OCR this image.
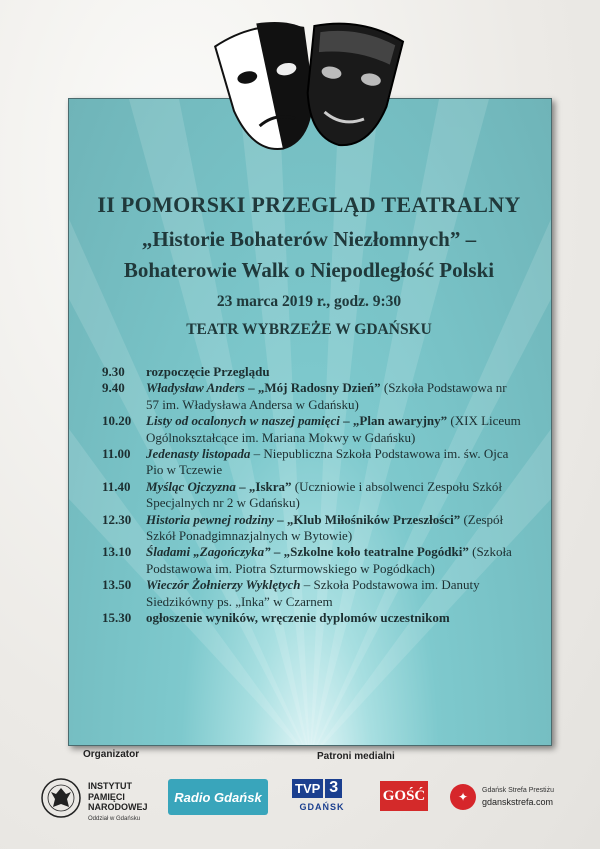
II POMORSKI PRZEGLĄD TEATRALNY
„Historie Bohaterów Niezłomnych” –
Bohaterowie Walk o Niepodległość Polski
23 marca 2019 r., godz. 9:30
TEATR WYBRZEŻE W GDAŃSKU
9.30	rozpoczęcie Przeglądu
9.40	Władysław Anders – „Mój Radosny Dzień” (Szkoła Podstawowa nr 57 im. Władysława Andersa w Gdańsku)
10.20	Listy od ocalonych w naszej pamięci – „Plan awaryjny” (XIX Liceum Ogólnokształcące im. Mariana Mokwy w Gdańsku)
11.00	Jedenasty listopada – Niepubliczna Szkoła Podstawowa im. św. Ojca Pio w Tczewie
11.40	Myśląc Ojczyzna – „Iskra” (Uczniowie i absolwenci Zespołu Szkół Specjalnych nr 2 w Gdańsku)
12.30	Historia pewnej rodziny – „Klub Miłośników Przeszłości” (Zespół Szkół Ponadgimnazjalnych w Bytowie)
13.10	Śladami „Zagończyka” – „Szkolne koło teatralne Pogódki” (Szkoła Podstawowa im. Piotra Szturmowskiego w Pogódkach)
13.50	Wieczór Żołnierzy Wyklętych – Szkoła Podstawowa im. Danuty Siedzikówny ps. „Inka” w Czarnem
15.30	ogłoszenie wyników, wręczenie dyplomów uczestnikom
Organizator	Patroni medialni
INSTYTUT
PAMIĘCI
NARODOWEJ
Oddział w Gdańsku
Radio Gdańsk
TVP 3
GDAŃSK
GOŚĆ	✦	Gdańsk Strefa Prestiżu
gdanskstrefa.com
